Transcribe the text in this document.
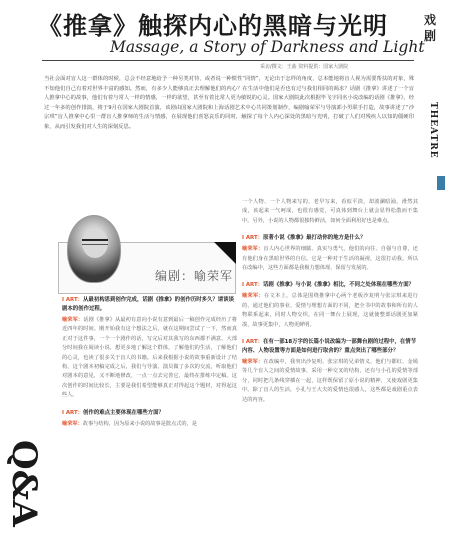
《推拿》触探内心的黑暗与光明
Massage, a Story of Darkness and Light
戏剧
采访/撰文：王曲 资料提供：国家大剧院
当社会面对盲人这一群体的时候，总会不经意地给予一种另类对待，或者说一种惯性“同情”，无论出于怎样的角度，总本能地将盲人视为需要帮扶的对象，殊不知他们自己有着对世界丰富的感知。然而，有多少人能够真正去理解他们的内心？在生活中他们是否也有过与我们相同的渴求？话剧《推拿》讲述了一个盲人推拿中心的故事，他们有着与常人一样的情感，一样的欲望，甚至有着比常人更为敏锐的心灵。国家大剧院此次根据毕飞宇同名小说改编的话剧《推拿》，经过一年多的创作排演，将于9月在国家大剧院首演，该剧由国家大剧院和上海话剧艺术中心共同策划制作，编剧喻荣军与导演郭小男联手打造，故事讲述了“沙宗琪”盲人推拿中心里一群盲人推拿师的生活与情感，在展现他们喜怒哀乐的同时，触探了每个人内心深处的黑暗与光明，打破了人们对残疾人以知的僵硬印象，从而引发我们对人生的深刻反思。	THEATRE
Q&A
编剧：喻荣军
I ART：从最初构思到创作完成，话剧《推拿》的创作历时多久？请谈谈剧本的创作过程。
喻荣军：话剧《推拿》从最初有意向小说有意到最后一稿创作完成经历了将近四年的时间。刚开始我有这个想法之后，就在这期间尝试了一下，然而真正对于这件事，一个一个剧作的话，写完后对其我写的东西都不满意。大部分时间我在阅读小说，想更多地了解这个群体，了解他们的生活，了解他们的心灵，也读了很多关于盲人的书籍。后来我根据小说的故事重新设计了结构，这个剧本初稿完成之后，我们与导演、演员做了多次的交流，听取他们对剧本的意见，又不断地修改，一点一点去完善它，最终在排练中定稿。这次创作的时间比较长，主要是我们希望能够真正对得起这个题材，对得起这些人。
I ART：创作的难点主要体现在哪些方面？
喻荣军：故事与结构，因为原来小说的故事是散点式的，是
一个人物、一个人物来写的，老早写来，看似平淡，却波澜暗涌，滑然其成，该起来一气呵成，也很有感觉，可真体到舞台上就会显得松散而不集中。另外，小说的人物都很独特鲜活，如何全面利用好也是难点。
I ART：原著小说《推拿》最打动你的地方是什么？
喻荣军：盲人内心世界的细腻、真实与勇气，他们的向往、自强与自尊，还有他们身在黑暗世界的自信。它是一种对于生活的凝视，这很打动我。所以在改编中，这些方面都是我极力想体现、保留与发展的。
I ART：话剧《推拿》与小说《推拿》相比，不同之处体现在哪些方面？
喻荣军：在文本上，总体是围绕推拿中心两个老板沙复明与张宗琪来进行的，通过他们的事业、爱情与理想方面的不同，把全书中的故事和所有的人物联系起来，同时人物交织，在同一舞台上展现，这就使整部话剧更加紧凑，故事更集中，人物更鲜明。
I ART：在有一部18万字的长篇小说改编为一部舞台剧的过程中，在情节内容、人物设置等方面是如何进行取舍的？重点突出了哪些部分？
喻荣军：在改编中，我突出沙复明、张宗琪的兄弟情义，他们与都红、金嫣等几个盲人之间的爱情故事，采用一种交叉的结构，还有与小孔的爱情等部分，同时把几条线穿插在一起，这样既保留了原小说的精神，又使戏剧更集中。除了盲人的生活，小孔与王大夫的爱情也很感人，这些都是戏剧重点表达的内容。
